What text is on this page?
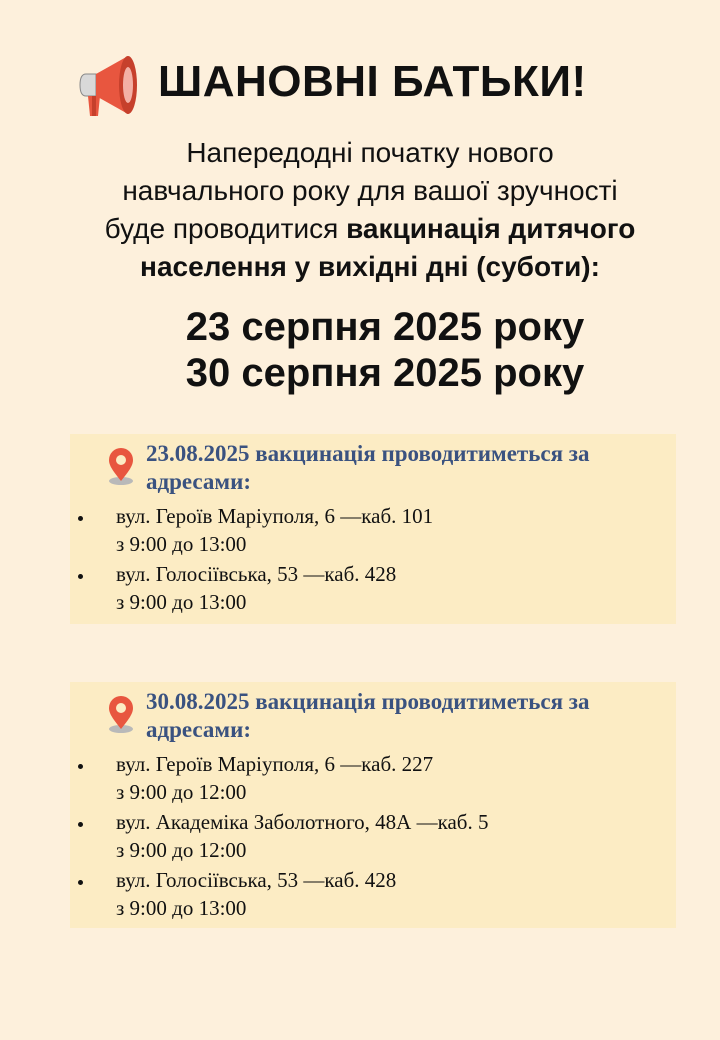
ШАНОВНІ БАТЬКИ!
Напередодні початку нового
навчального року для вашої зручності
буде проводитися вакцинація дитячого
населення у вихідні дні (суботи):
23 серпня 2025 року
30 серпня 2025 року
23.08.2025 вакцинація проводитиметься за адресами:
вул. Героїв Маріуполя, 6 —каб. 101
з 9:00 до 13:00
вул. Голосіївська, 53 —каб. 428
з 9:00 до 13:00
30.08.2025 вакцинація проводитиметься за адресами:
вул. Героїв Маріуполя, 6 —каб. 227
з 9:00 до 12:00
вул. Академіка Заболотного, 48А —каб. 5
з 9:00 до 12:00
вул. Голосіївська, 53 —каб. 428
з 9:00 до 13:00
